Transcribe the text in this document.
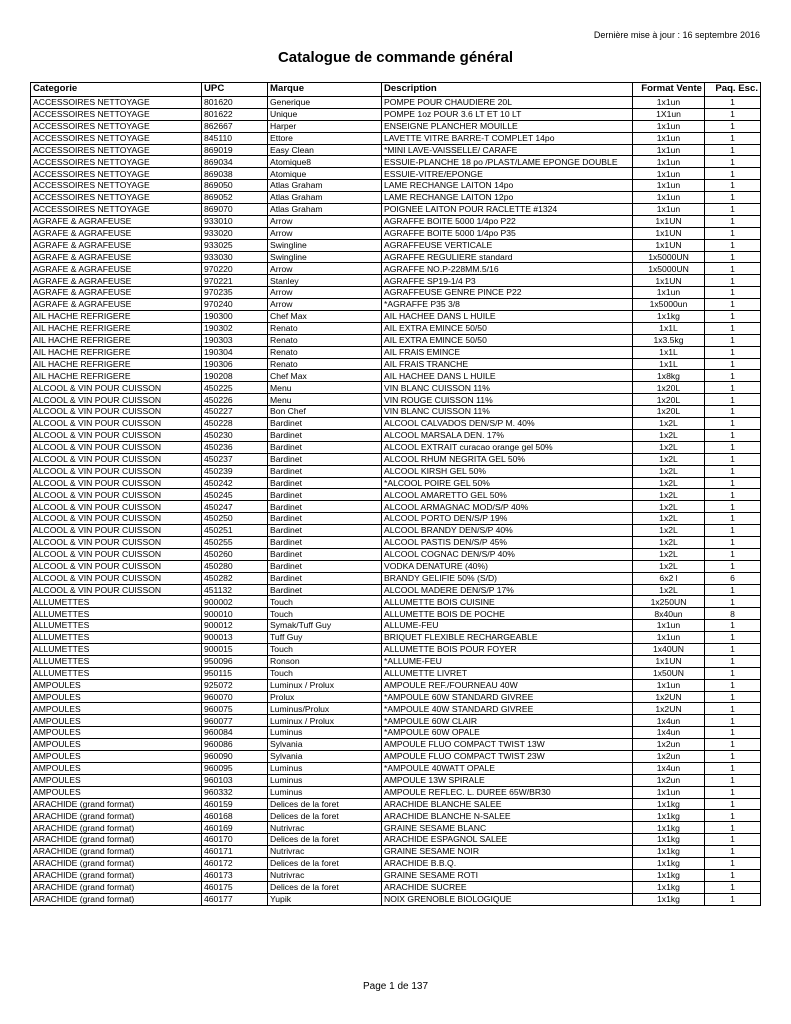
Dernière mise à jour : 16 septembre 2016
Catalogue de commande général
Categorie	UPC	Marque	Description	Format Vente	Paq. Esc.
ACCESSOIRES NETTOYAGE	801620	Generique	POMPE POUR CHAUDIERE 20L	1x1un	1
ACCESSOIRES NETTOYAGE	801622	Unique	POMPE 1oz POUR 3.6 LT ET 10 LT	1X1un	1
ACCESSOIRES NETTOYAGE	862667	Harper	ENSEIGNE PLANCHER MOUILLE	1x1un	1
ACCESSOIRES NETTOYAGE	845110	Ettore	LAVETTE VITRE BARRE-T COMPLET 14po	1x1un	1
ACCESSOIRES NETTOYAGE	869019	Easy Clean	*MINI LAVE-VAISSELLE/ CARAFE	1x1un	1
ACCESSOIRES NETTOYAGE	869034	Atomique8	ESSUIE-PLANCHE 18 po /PLAST/LAME EPONGE DOUBLE	1x1un	1
ACCESSOIRES NETTOYAGE	869038	Atomique	ESSUIE-VITRE/EPONGE	1x1un	1
ACCESSOIRES NETTOYAGE	869050	Atlas Graham	LAME RECHANGE LAITON 14po	1x1un	1
ACCESSOIRES NETTOYAGE	869052	Atlas Graham	LAME RECHANGE LAITON 12po	1x1un	1
ACCESSOIRES NETTOYAGE	869070	Atlas Graham	POIGNEE LAITON POUR RACLETTE #1324	1x1un	1
AGRAFE & AGRAFEUSE	933010	Arrow	AGRAFFE BOITE 5000 1/4po P22	1x1UN	1
AGRAFE & AGRAFEUSE	933020	Arrow	AGRAFFE BOITE 5000 1/4po P35	1x1UN	1
AGRAFE & AGRAFEUSE	933025	Swingline	AGRAFFEUSE VERTICALE	1x1UN	1
AGRAFE & AGRAFEUSE	933030	Swingline	AGRAFFE REGULIERE standard	1x5000UN	1
AGRAFE & AGRAFEUSE	970220	Arrow	AGRAFFE NO.P-228MM.5/16	1x5000UN	1
AGRAFE & AGRAFEUSE	970221	Stanley	AGRAFFE SP19-1/4 P3	1x1UN	1
AGRAFE & AGRAFEUSE	970235	Arrow	AGRAFFEUSE GENRE PINCE P22	1x1un	1
AGRAFE & AGRAFEUSE	970240	Arrow	*AGRAFFE P35 3/8	1x5000un	1
AIL HACHE REFRIGERE	190300	Chef Max	AIL HACHEE DANS L HUILE	1x1kg	1
AIL HACHE REFRIGERE	190302	Renato	AIL EXTRA EMINCE 50/50	1x1L	1
AIL HACHE REFRIGERE	190303	Renato	AIL EXTRA EMINCE 50/50	1x3.5kg	1
AIL HACHE REFRIGERE	190304	Renato	AIL FRAIS EMINCE	1x1L	1
AIL HACHE REFRIGERE	190306	Renato	AIL FRAIS TRANCHE	1x1L	1
AIL HACHE REFRIGERE	190208	Chef Max	AIL HACHEE DANS L HUILE	1x8kg	1
ALCOOL & VIN POUR CUISSON	450225	Menu	VIN BLANC CUISSON 11%	1x20L	1
ALCOOL & VIN POUR CUISSON	450226	Menu	VIN ROUGE CUISSON 11%	1x20L	1
ALCOOL & VIN POUR CUISSON	450227	Bon Chef	VIN BLANC CUISSON 11%	1x20L	1
ALCOOL & VIN POUR CUISSON	450228	Bardinet	ALCOOL CALVADOS DEN/S/P M. 40%	1x2L	1
ALCOOL & VIN POUR CUISSON	450230	Bardinet	ALCOOL MARSALA DEN. 17%	1x2L	1
ALCOOL & VIN POUR CUISSON	450236	Bardinet	ALCOOL EXTRAIT curacao orange gel 50%	1x2L	1
ALCOOL & VIN POUR CUISSON	450237	Bardinet	ALCOOL RHUM NEGRITA GEL 50%	1x2L	1
ALCOOL & VIN POUR CUISSON	450239	Bardinet	ALCOOL KIRSH GEL 50%	1x2L	1
ALCOOL & VIN POUR CUISSON	450242	Bardinet	*ALCOOL POIRE GEL 50%	1x2L	1
ALCOOL & VIN POUR CUISSON	450245	Bardinet	ALCOOL AMARETTO GEL 50%	1x2L	1
ALCOOL & VIN POUR CUISSON	450247	Bardinet	ALCOOL ARMAGNAC MOD/S/P 40%	1x2L	1
ALCOOL & VIN POUR CUISSON	450250	Bardinet	ALCOOL PORTO DEN/S/P 19%	1x2L	1
ALCOOL & VIN POUR CUISSON	450251	Bardinet	ALCOOL BRANDY DEN/S/P 40%	1x2L	1
ALCOOL & VIN POUR CUISSON	450255	Bardinet	ALCOOL PASTIS DEN/S/P 45%	1x2L	1
ALCOOL & VIN POUR CUISSON	450260	Bardinet	ALCOOL COGNAC DEN/S/P 40%	1x2L	1
ALCOOL & VIN POUR CUISSON	450280	Bardinet	VODKA DENATURE (40%)	1x2L	1
ALCOOL & VIN POUR CUISSON	450282	Bardinet	BRANDY GELIFIE 50% (S/D)	6x2 l	6
ALCOOL & VIN POUR CUISSON	451132	Bardinet	ALCOOL MADERE DEN/S/P 17%	1x2L	1
ALLUMETTES	900002	Touch	ALLUMETTE BOIS CUISINE	1x250UN	1
ALLUMETTES	900010	Touch	ALLUMETTE BOIS DE POCHE	8x40un	8
ALLUMETTES	900012	Symak/Tuff Guy	ALLUME-FEU	1x1un	1
ALLUMETTES	900013	Tuff Guy	BRIQUET FLEXIBLE RECHARGEABLE	1x1un	1
ALLUMETTES	900015	Touch	ALLUMETTE BOIS POUR FOYER	1x40UN	1
ALLUMETTES	950096	Ronson	*ALLUME-FEU	1x1UN	1
ALLUMETTES	950115	Touch	ALLUMETTE LIVRET	1x50UN	1
AMPOULES	925072	Luminux / Prolux	AMPOULE REF./FOURNEAU 40W	1x1un	1
AMPOULES	960070	Prolux	*AMPOULE 60W STANDARD GIVREE	1x2UN	1
AMPOULES	960075	Luminus/Prolux	*AMPOULE 40W STANDARD GIVREE	1x2UN	1
AMPOULES	960077	Luminux / Prolux	*AMPOULE 60W CLAIR	1x4un	1
AMPOULES	960084	Luminus	*AMPOULE 60W OPALE	1x4un	1
AMPOULES	960086	Sylvania	AMPOULE FLUO COMPACT TWIST 13W	1x2un	1
AMPOULES	960090	Sylvania	AMPOULE FLUO COMPACT TWIST 23W	1x2un	1
AMPOULES	960095	Luminus	*AMPOULE 40WATT OPALE	1x4un	1
AMPOULES	960103	Luminus	AMPOULE 13W SPIRALE	1x2un	1
AMPOULES	960332	Luminus	AMPOULE REFLEC. L. DUREE 65W/BR30	1x1un	1
ARACHIDE (grand format)	460159	Delices de la foret	ARACHIDE BLANCHE SALEE	1x1kg	1
ARACHIDE (grand format)	460168	Delices de la foret	ARACHIDE BLANCHE N-SALEE	1x1kg	1
ARACHIDE (grand format)	460169	Nutrivrac	GRAINE SESAME BLANC	1x1kg	1
ARACHIDE (grand format)	460170	Delices de la foret	ARACHIDE ESPAGNOL SALEE	1x1kg	1
ARACHIDE (grand format)	460171	Nutrivrac	GRAINE SESAME NOIR	1x1kg	1
ARACHIDE (grand format)	460172	Delices de la foret	ARACHIDE B.B.Q.	1x1kg	1
ARACHIDE (grand format)	460173	Nutrivrac	GRAINE SESAME ROTI	1x1kg	1
ARACHIDE (grand format)	460175	Delices de la foret	ARACHIDE SUCREE	1x1kg	1
ARACHIDE (grand format)	460177	Yupik	NOIX GRENOBLE BIOLOGIQUE	1x1kg	1
Page 1 de 137
